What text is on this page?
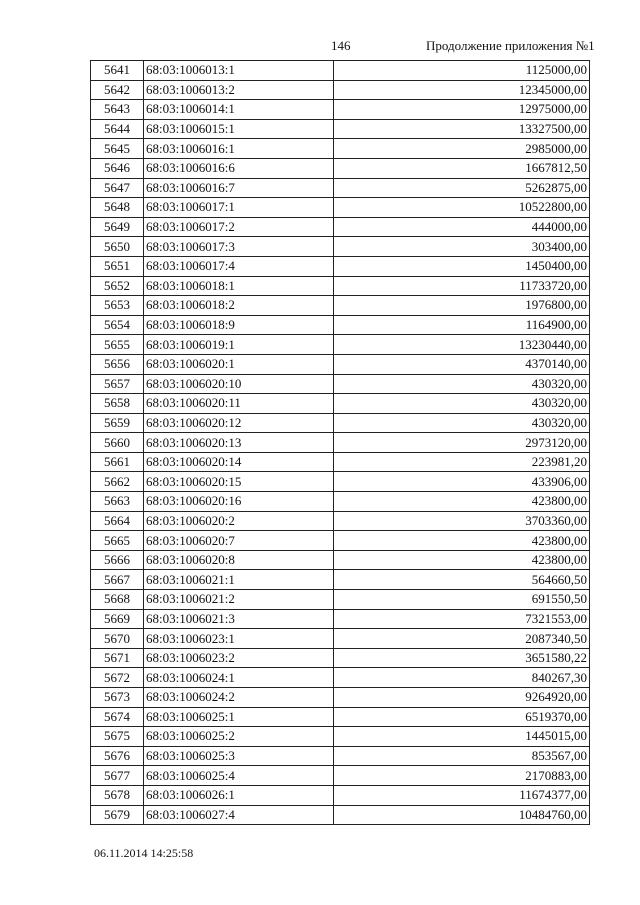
146	Продолжение приложения №1
5641	68:03:1006013:1	1125000,00
5642	68:03:1006013:2	12345000,00
5643	68:03:1006014:1	12975000,00
5644	68:03:1006015:1	13327500,00
5645	68:03:1006016:1	2985000,00
5646	68:03:1006016:6	1667812,50
5647	68:03:1006016:7	5262875,00
5648	68:03:1006017:1	10522800,00
5649	68:03:1006017:2	444000,00
5650	68:03:1006017:3	303400,00
5651	68:03:1006017:4	1450400,00
5652	68:03:1006018:1	11733720,00
5653	68:03:1006018:2	1976800,00
5654	68:03:1006018:9	1164900,00
5655	68:03:1006019:1	13230440,00
5656	68:03:1006020:1	4370140,00
5657	68:03:1006020:10	430320,00
5658	68:03:1006020:11	430320,00
5659	68:03:1006020:12	430320,00
5660	68:03:1006020:13	2973120,00
5661	68:03:1006020:14	223981,20
5662	68:03:1006020:15	433906,00
5663	68:03:1006020:16	423800,00
5664	68:03:1006020:2	3703360,00
5665	68:03:1006020:7	423800,00
5666	68:03:1006020:8	423800,00
5667	68:03:1006021:1	564660,50
5668	68:03:1006021:2	691550,50
5669	68:03:1006021:3	7321553,00
5670	68:03:1006023:1	2087340,50
5671	68:03:1006023:2	3651580,22
5672	68:03:1006024:1	840267,30
5673	68:03:1006024:2	9264920,00
5674	68:03:1006025:1	6519370,00
5675	68:03:1006025:2	1445015,00
5676	68:03:1006025:3	853567,00
5677	68:03:1006025:4	2170883,00
5678	68:03:1006026:1	11674377,00
5679	68:03:1006027:4	10484760,00
06.11.2014 14:25:58
